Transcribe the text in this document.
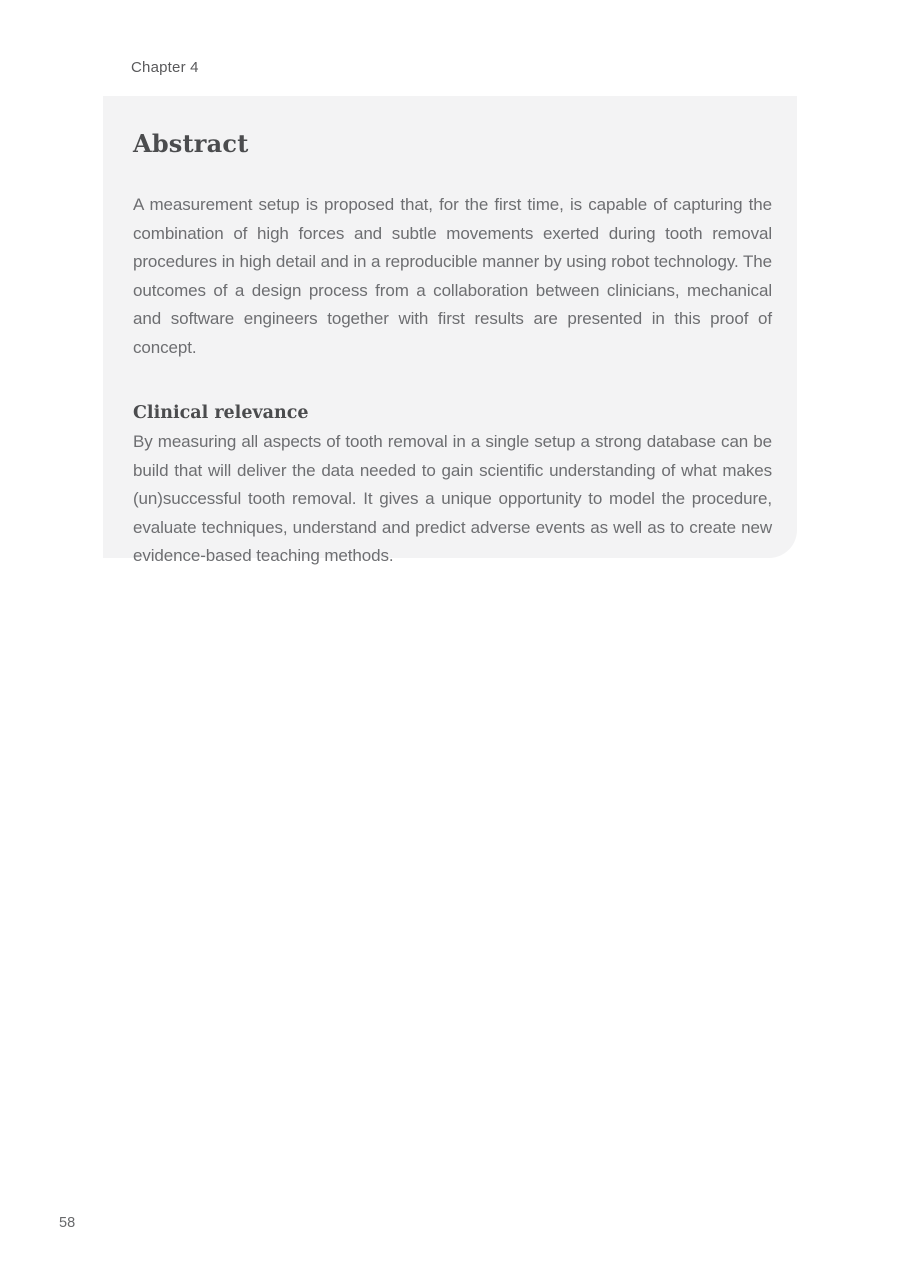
Chapter 4
Abstract

A measurement setup is proposed that, for the first time, is capable of capturing the combination of high forces and subtle movements exerted during tooth removal procedures in high detail and in a reproducible manner by using robot technology. The outcomes of a design process from a collaboration between clinicians, mechanical and software engineers together with first results are presented in this proof of concept.

Clinical relevance

By measuring all aspects of tooth removal in a single setup a strong database can be build that will deliver the data needed to gain scientific understanding of what makes (un)successful tooth removal. It gives a unique opportunity to model the procedure, evaluate techniques, understand and predict adverse events as well as to create new evidence-based teaching methods.

58
